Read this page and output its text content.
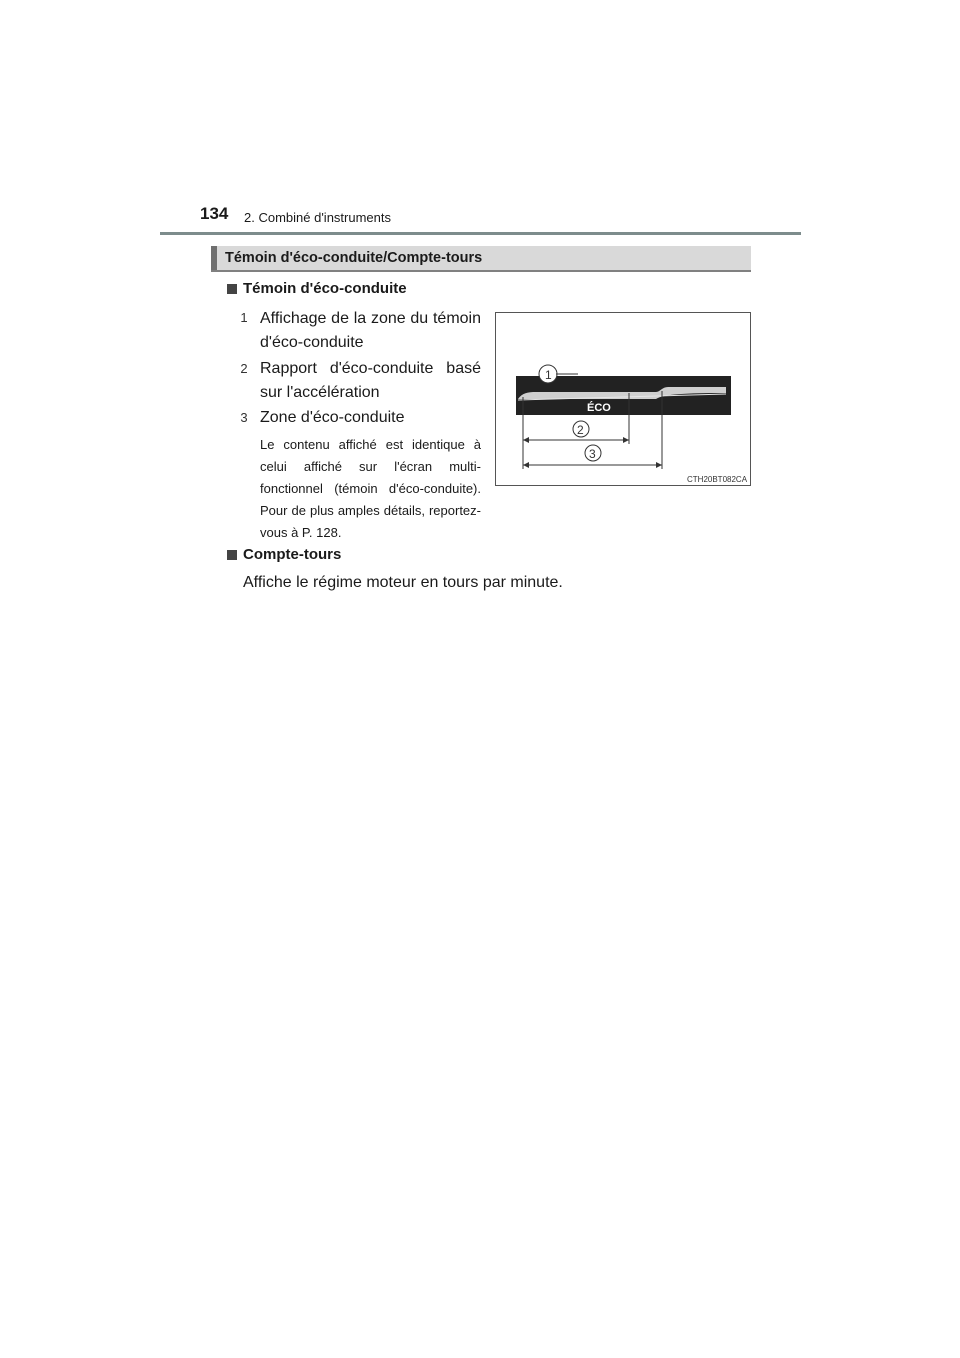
134 2. Combiné d'instruments
Témoin d'éco-conduite/Compte-tours
Témoin d'éco-conduite
1 Affichage de la zone du témoin d'éco-conduite
2 Rapport d'éco-conduite basé sur l'accélération
3 Zone d'éco-conduite
Le contenu affiché est identique à celui affiché sur l'écran multi-fonctionnel (témoin d'éco-conduite). Pour de plus amples détails, reportez-vous à P. 128.
ÉCO
1
2
3
CTH20BT082CA
Compte-tours
Affiche le régime moteur en tours par minute.
